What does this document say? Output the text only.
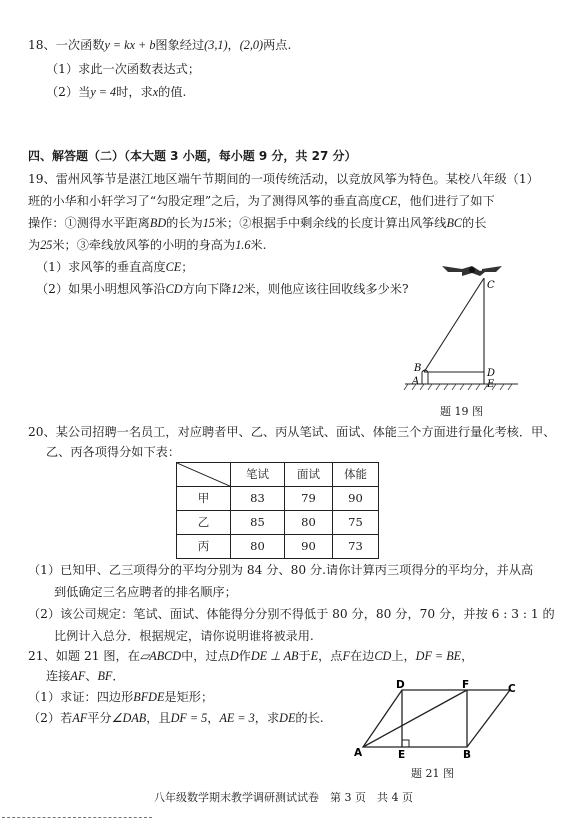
18、一次函数y = kx + b图象经过(3,1)，(2,0)两点.
（1）求此一次函数表达式；
（2）当y = 4时，求x的值.
四、解答题（二）（本大题 3 小题，每小题 9 分，共 27 分）
19、雷州风筝节是湛江地区端午节期间的一项传统活动，以竞放风筝为特色。某校八年级（1）
班的小华和小轩学习了“勾股定理”之后，为了测得风筝的垂直高度CE，他们进行了如下
操作：①测得水平距离BD的长为15米；②根据手中剩余线的长度计算出风筝线BC的长
为25米；③牵线放风筝的小明的身高为1.6米.
（1）求风筝的垂直高度CE；
（2）如果小明想风筝沿CD方向下降12米，则他应该往回收线多少米?	C
B
A
D
E
题 19 图
20、某公司招聘一名员工，对应聘者甲、乙、丙从笔试、面试、体能三个方面进行量化考核．甲、
乙、丙各项得分如下表：
	笔试	面试	体能
甲	83	79	90
乙	85	80	75
丙	80	90	73
（1）已知甲、乙三项得分的平均分别为 84 分、80 分.请你计算丙三项得分的平均分，并从高
到低确定三名应聘者的排名顺序；
（2）该公司规定：笔试、面试、体能得分分别不得低于 80 分，80 分，70 分，并按 6 : 3 : 1 的
比例计入总分．根据规定，请你说明谁将被录用.
21、如题 21 图，在▱ABCD中，过点D作DE ⊥ AB于E，点F在边CD上，DF = BE，
连接AF、BF．
（1）求证：四边形BFDE是矩形；
（2）若AF平分∠DAB，且DF = 5，AE = 3，求DE的长.
D	F	C
A	E	B
题 21 图
八年级数学期末教学调研测试试卷　第 3 页　共 4 页
